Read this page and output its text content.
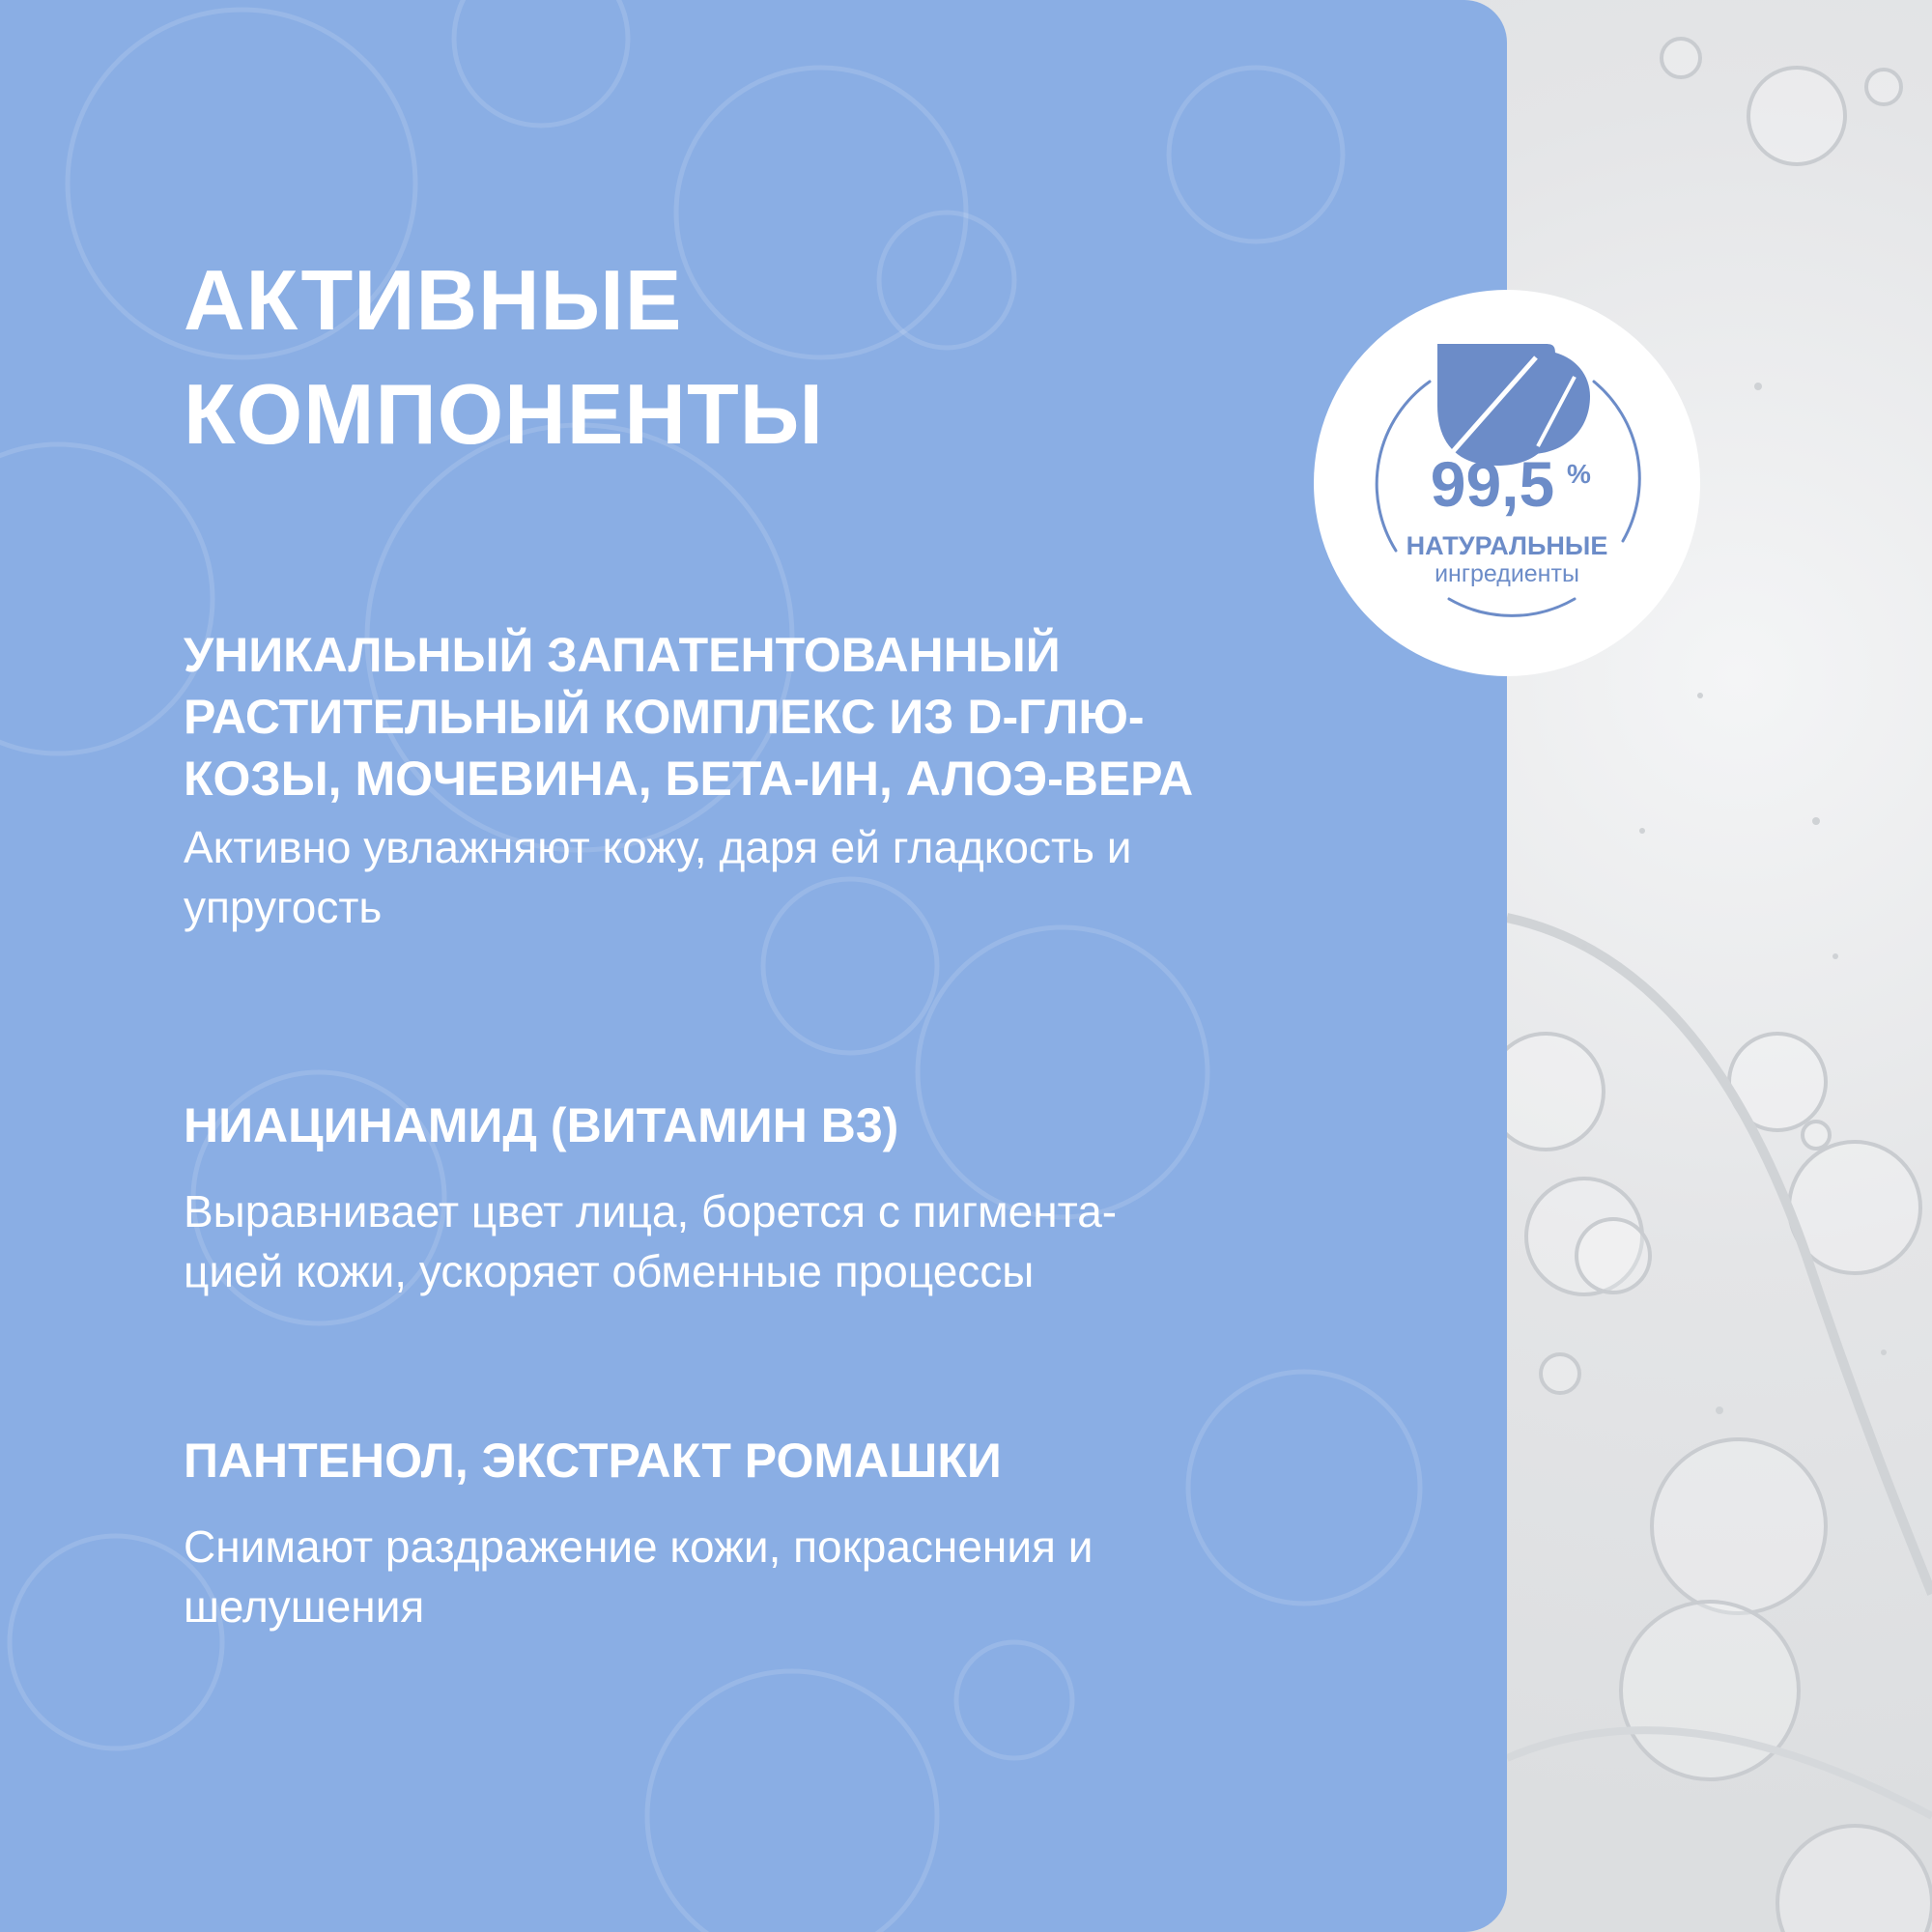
АКТИВНЫЕ
КОМПОНЕНТЫ
УНИКАЛЬНЫЙ ЗАПАТЕНТОВАННЫЙ
РАСТИТЕЛЬНЫЙ КОМПЛЕКС ИЗ D-ГЛЮ-
КОЗЫ, МОЧЕВИНА, БЕТА-ИН, АЛОЭ-ВЕРА

Активно увлажняют кожу, даря ей гладкость и
упругость

НИАЦИНАМИД (ВИТАМИН B3)

Выравнивает цвет лица, борется с пигмента-
цией кожи, ускоряет обменные процессы

ПАНТЕНОЛ, ЭКСТРАКТ РОМАШКИ

Снимают раздражение кожи, покраснения и
шелушения

99,5 %
НАТУРАЛЬНЫЕ
ингредиенты
